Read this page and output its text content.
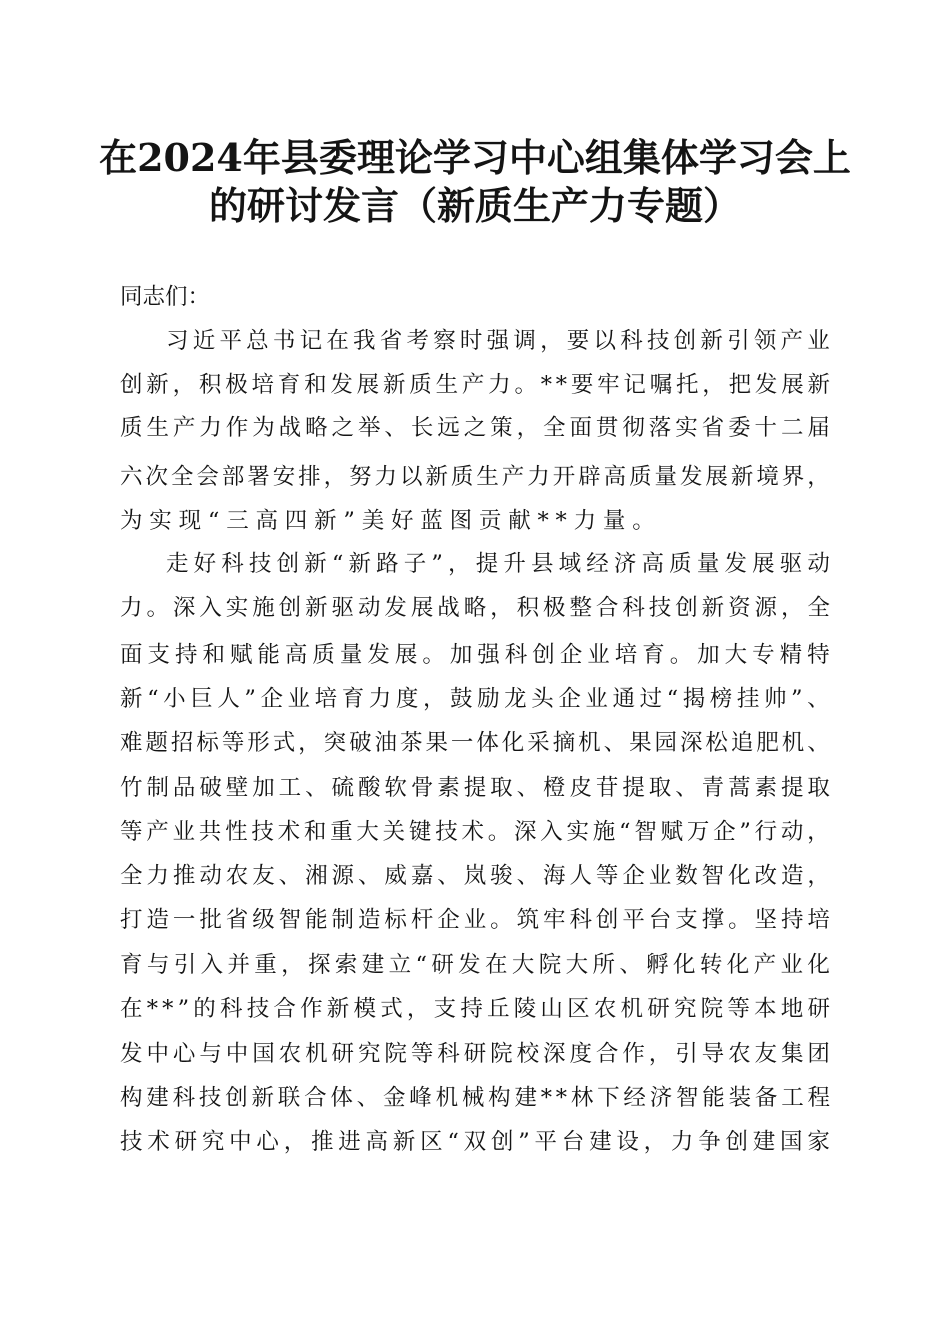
在2024年县委理论学习中心组集体学习会上
的研讨发言（新质生产力专题）

同志们：

习 近 平 总 书 记 在 我 省 考 察 时 强 调 ， 要 以 科 技 创 新 引 领 产 业

创 新 ， 积 极 培 育 和 发 展 新 质 生 产 力 。 * * 要 牢 记 嘱 托 ， 把 发 展 新

质 生 产 力 作 为 战 略 之 举 、 长 远 之 策 ， 全 面 贯 彻 落 实 省 委 十 二 届

六 次 全 会 部 署 安 排 ， 努 力 以 新 质 生 产 力 开 辟 高 质 量 发 展 新 境 界 ，

为实现“三高四新”美好蓝图贡献**力量。

走 好 科 技 创 新 “ 新 路 子 ” ， 提 升 县 域 经 济 高 质 量 发 展 驱 动

力 。 深 入 实 施 创 新 驱 动 发 展 战 略 ， 积 极 整 合 科 技 创 新 资 源 ， 全

面 支 持 和 赋 能 高 质 量 发 展 。 加 强 科 创 企 业 培 育 。 加 大 专 精 特

新 “ 小 巨 人 ” 企 业 培 育 力 度 ， 鼓 励 龙 头 企 业 通 过 “ 揭 榜 挂 帅 ” 、

难 题 招 标 等 形 式 ， 突 破 油 茶 果 一 体 化 采 摘 机 、 果 园 深 松 追 肥 机 、

竹 制 品 破 壁 加 工 、 硫 酸 软 骨 素 提 取 、 橙 皮 苷 提 取 、 青 蒿 素 提 取

等 产 业 共 性 技 术 和 重 大 关 键 技 术 。 深 入 实 施 “ 智 赋 万 企 ” 行 动 ，

全 力 推 动 农 友 、 湘 源 、 威 嘉 、 岚 骏 、 海 人 等 企 业 数 智 化 改 造 ，

打 造 一 批 省 级 智 能 制 造 标 杆 企 业 。 筑 牢 科 创 平 台 支 撑 。 坚 持 培

育 与 引 入 并 重 ， 探 索 建 立 “ 研 发 在 大 院 大 所 、 孵 化 转 化 产 业 化

在 * * ” 的 科 技 合 作 新 模 式 ， 支 持 丘 陵 山 区 农 机 研 究 院 等 本 地 研

发 中 心 与 中 国 农 机 研 究 院 等 科 研 院 校 深 度 合 作 ， 引 导 农 友 集 团

构 建 科 技 创 新 联 合 体 、 金 峰 机 械 构 建 * * 林 下 经 济 智 能 装 备 工 程

技 术 研 究 中 心 ， 推 进 高 新 区 “ 双 创 ” 平 台 建 设 ， 力 争 创 建 国 家
